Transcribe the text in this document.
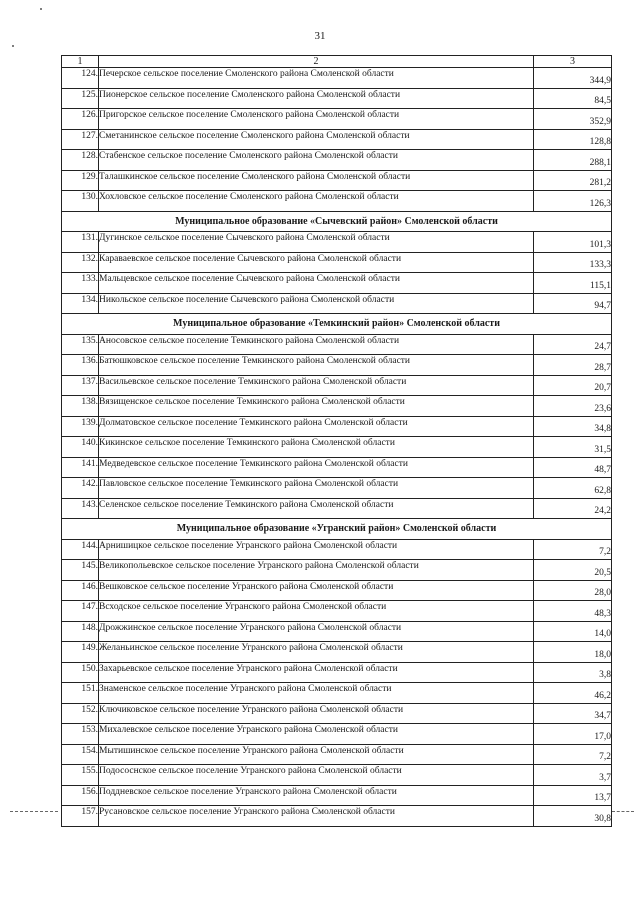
31
1	2	3
124.	Печерское сельское поселение Смоленского района Смоленской области	344,9
125.	Пионерское сельское поселение Смоленского района Смоленской области	84,5
126.	Пригорское сельское поселение Смоленского района Смоленской области	352,9
127.	Сметанинское сельское поселение Смоленского района Смоленской области	128,8
128.	Стабенское сельское поселение Смоленского района Смоленской области	288,1
129.	Талашкинское сельское поселение Смоленского района Смоленской области	281,2
130.	Хохловское сельское поселение Смоленского района Смоленской области	126,3
Муниципальное образование «Сычевский район» Смоленской области		
131.	Дугинское сельское поселение Сычевского района Смоленской области	101,3
132.	Караваевское сельское поселение Сычевского района Смоленской области	133,3
133.	Мальцевское сельское поселение Сычевского района Смоленской области	115,1
134.	Никольское сельское поселение Сычевского района Смоленской области	94,7
Муниципальное образование «Темкинский район» Смоленской области		
135.	Аносовское сельское поселение Темкинского района Смоленской области	24,7
136.	Батюшковское сельское поселение Темкинского района Смоленской области	28,7
137.	Васильевское сельское поселение Темкинского района Смоленской области	20,7
138.	Вязищенское сельское поселение Темкинского района Смоленской области	23,6
139.	Долматовское сельское поселение Темкинского района Смоленской области	34,8
140.	Кикинское сельское поселение Темкинского района Смоленской области	31,5
141.	Медведевское сельское поселение Темкинского района Смоленской области	48,7
142.	Павловское сельское поселение Темкинского района Смоленской области	62,8
143.	Селенское сельское поселение Темкинского района Смоленской области	24,2
Муниципальное образование «Угранский район» Смоленской области		
144.	Арнишицкое сельское поселение Угранского района Смоленской области	7,2
145.	Великопольевское сельское поселение Угранского района Смоленской области	20,5
146.	Вешковское сельское поселение Угранского района Смоленской области	28,0
147.	Всходское сельское поселение Угранского района Смоленской области	48,3
148.	Дрожжинское сельское поселение Угранского района Смоленской области	14,0
149.	Желаньинское сельское поселение Угранского района Смоленской области	18,0
150.	Захарьевское сельское поселение Угранского района Смоленской области	3,8
151.	Знаменское сельское поселение Угранского района Смоленской области	46,2
152.	Ключиковское сельское поселение Угранского района Смоленской области	34,7
153.	Михалевское сельское поселение Угранского района Смоленской области	17,0
154.	Мытишинское сельское поселение Угранского района Смоленской области	7,2
155.	Подососнское сельское поселение Угранского района Смоленской области	3,7
156.	Поддневское сельское поселение Угранского района Смоленской области	13,7
157.	Русановское сельское поселение Угранского района Смоленской области	30,8
